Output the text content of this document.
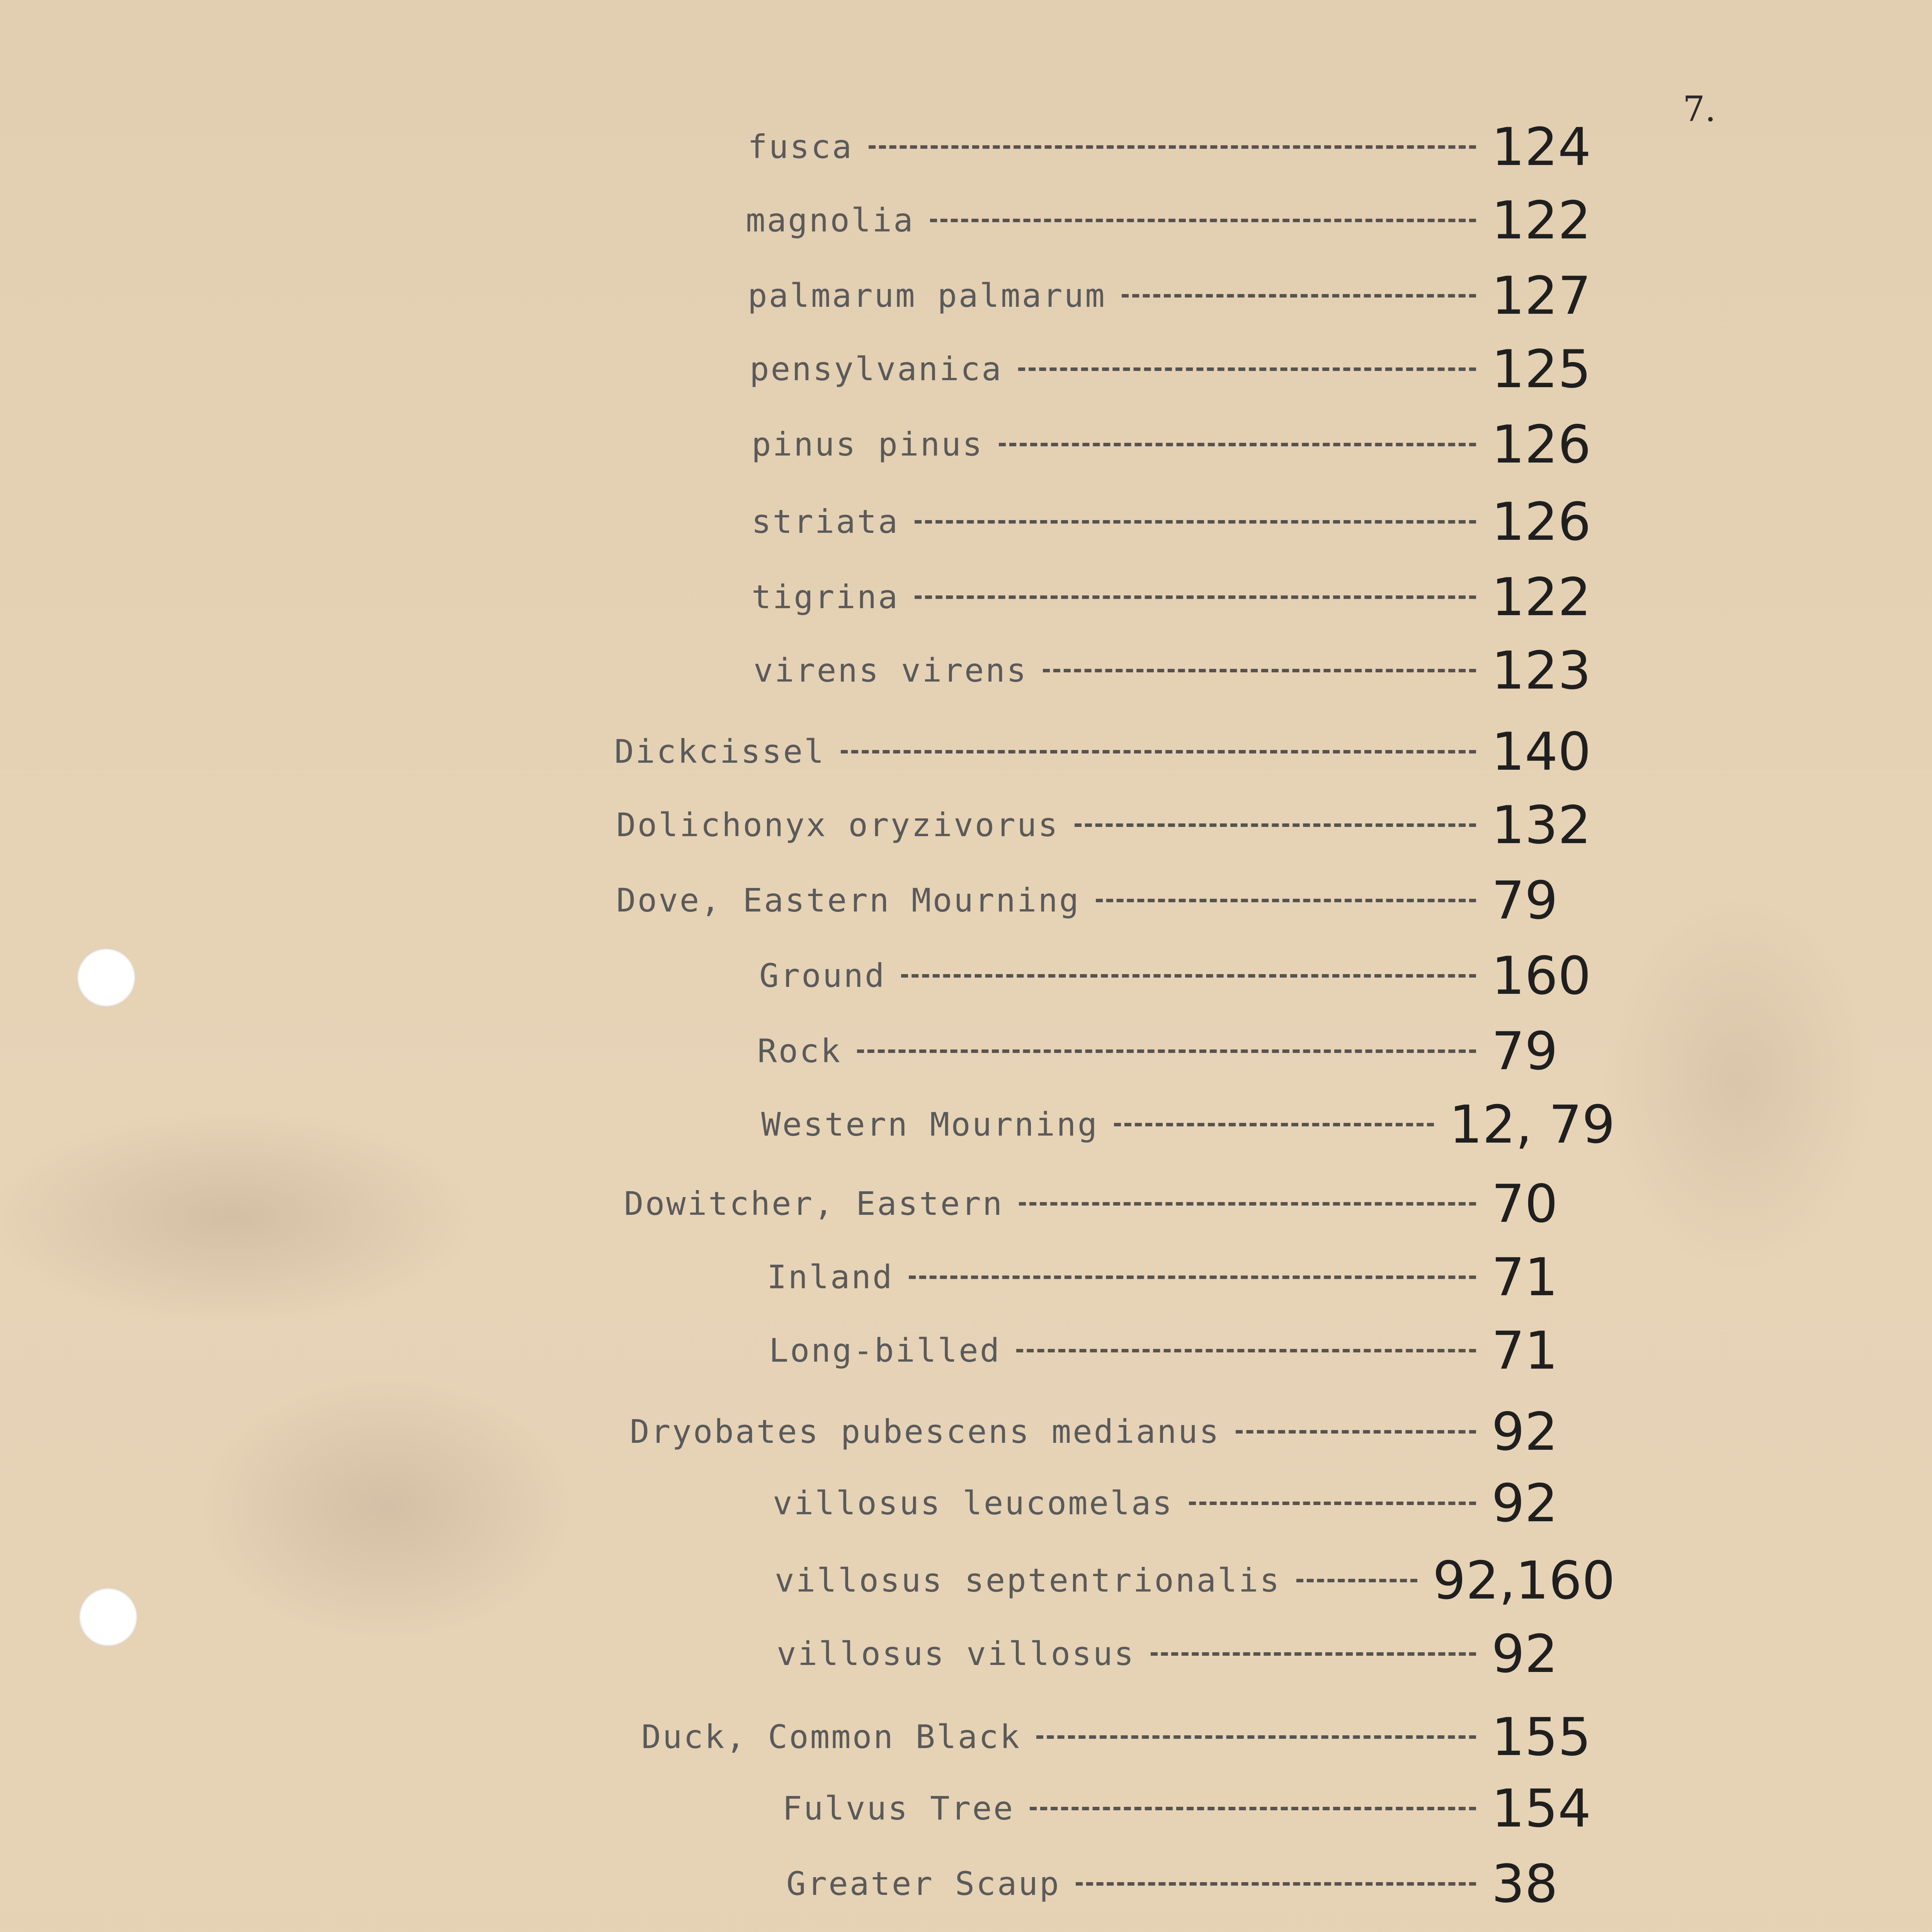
7.
fusca	124
magnolia	122
palmarum palmarum	127
pensylvanica	125
pinus pinus	126
striata	126
tigrina	122
virens virens	123
Dickcissel	140
Dolichonyx oryzivorus	132
Dove, Eastern Mourning	79
Ground	160
Rock	79
Western Mourning	12, 79
Dowitcher, Eastern	70
Inland	71
Long-billed	71
Dryobates pubescens medianus	92
villosus leucomelas	92
villosus septentrionalis	92,160
villosus villosus	92
Duck, Common Black	155
Fulvus Tree	154
Greater Scaup	38
